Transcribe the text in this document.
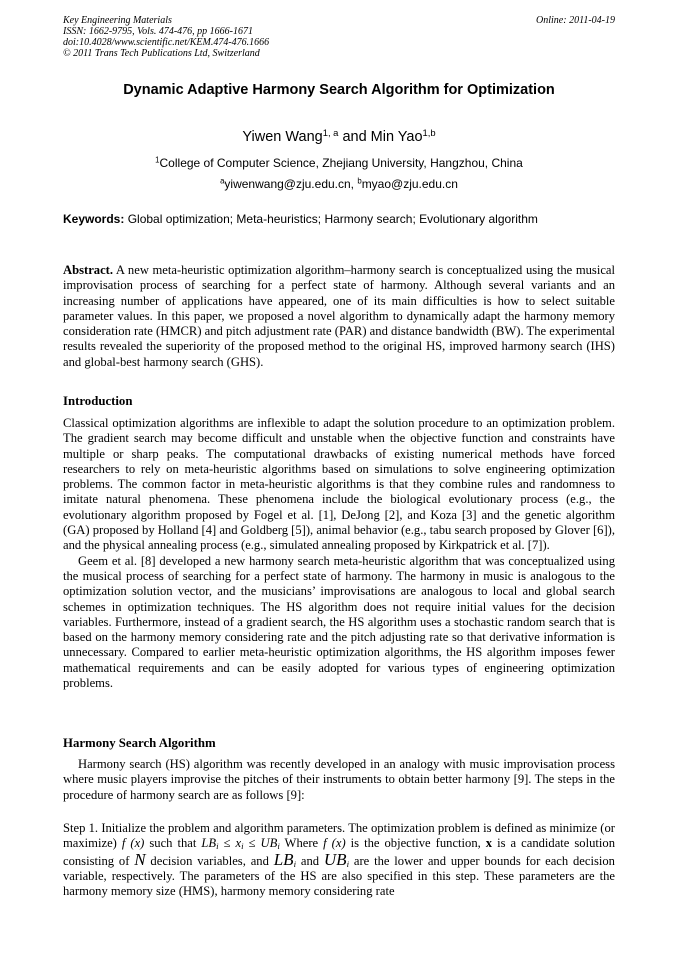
Key Engineering Materials
ISSN: 1662-9795, Vols. 474-476, pp 1666-1671
doi:10.4028/www.scientific.net/KEM.474-476.1666
© 2011 Trans Tech Publications Ltd, Switzerland
Online: 2011-04-19
Dynamic Adaptive Harmony Search Algorithm for Optimization
Yiwen Wang$^{1, a}$ and Min Yao$^{1,b}$
$^1$College of Computer Science, Zhejiang University, Hangzhou, China
$^a$yiwenwang@zju.edu.cn, $^b$myao@zju.edu.cn
Keywords: Global optimization; Meta-heuristics; Harmony search; Evolutionary algorithm

Abstract. A new meta-heuristic optimization algorithm–harmony search is conceptualized using the musical improvisation process of searching for a perfect state of harmony. Although several variants and an increasing number of applications have appeared, one of its main difficulties is how to select suitable parameter values. In this paper, we proposed a novel algorithm to dynamically adapt the harmony memory consideration rate (HMCR) and pitch adjustment rate (PAR) and distance bandwidth (BW). The experimental results revealed the superiority of the proposed method to the original HS, improved harmony search (IHS) and global-best harmony search (GHS).

Introduction

Classical optimization algorithms are inflexible to adapt the solution procedure to an optimization problem. The gradient search may become difficult and unstable when the objective function and constraints have multiple or sharp peaks. The computational drawbacks of existing numerical methods have forced researchers to rely on meta-heuristic algorithms based on simulations to solve engineering optimization problems. The common factor in meta-heuristic algorithms is that they combine rules and randomness to imitate natural phenomena. These phenomena include the biological evolutionary process (e.g., the evolutionary algorithm proposed by Fogel et al. [1], DeJong [2], and Koza [3] and the genetic algorithm (GA) proposed by Holland [4] and Goldberg [5]), animal behavior (e.g., tabu search proposed by Glover [6]), and the physical annealing process (e.g., simulated annealing proposed by Kirkpatrick et al. [7]).

Geem et al. [8] developed a new harmony search meta-heuristic algorithm that was conceptualized using the musical process of searching for a perfect state of harmony. The harmony in music is analogous to the optimization solution vector, and the musicians’ improvisations are analogous to local and global search schemes in optimization techniques. The HS algorithm does not require initial values for the decision variables. Furthermore, instead of a gradient search, the HS algorithm uses a stochastic random search that is based on the harmony memory considering rate and the pitch adjusting rate so that derivative information is unnecessary. Compared to earlier meta-heuristic optimization algorithms, the HS algorithm imposes fewer mathematical requirements and can be easily adopted for various types of engineering optimization problems.

Harmony Search Algorithm

Harmony search (HS) algorithm was recently developed in an analogy with music improvisation process where music players improvise the pitches of their instruments to obtain better harmony [9]. The steps in the procedure of harmony search are as follows [9]:

Step 1. Initialize the problem and algorithm parameters. The optimization problem is defined as minimize (or maximize) f (x) such that $LB_i \le x_i \le UB_i$ Where f (x) is the objective function, x is a candidate solution consisting of N decision variables, and $LB_i$ and $UB_i$ are the lower and upper bounds for each decision variable, respectively. The parameters of the HS are also specified in this step. These parameters are the harmony memory size (HMS), harmony memory considering rate
